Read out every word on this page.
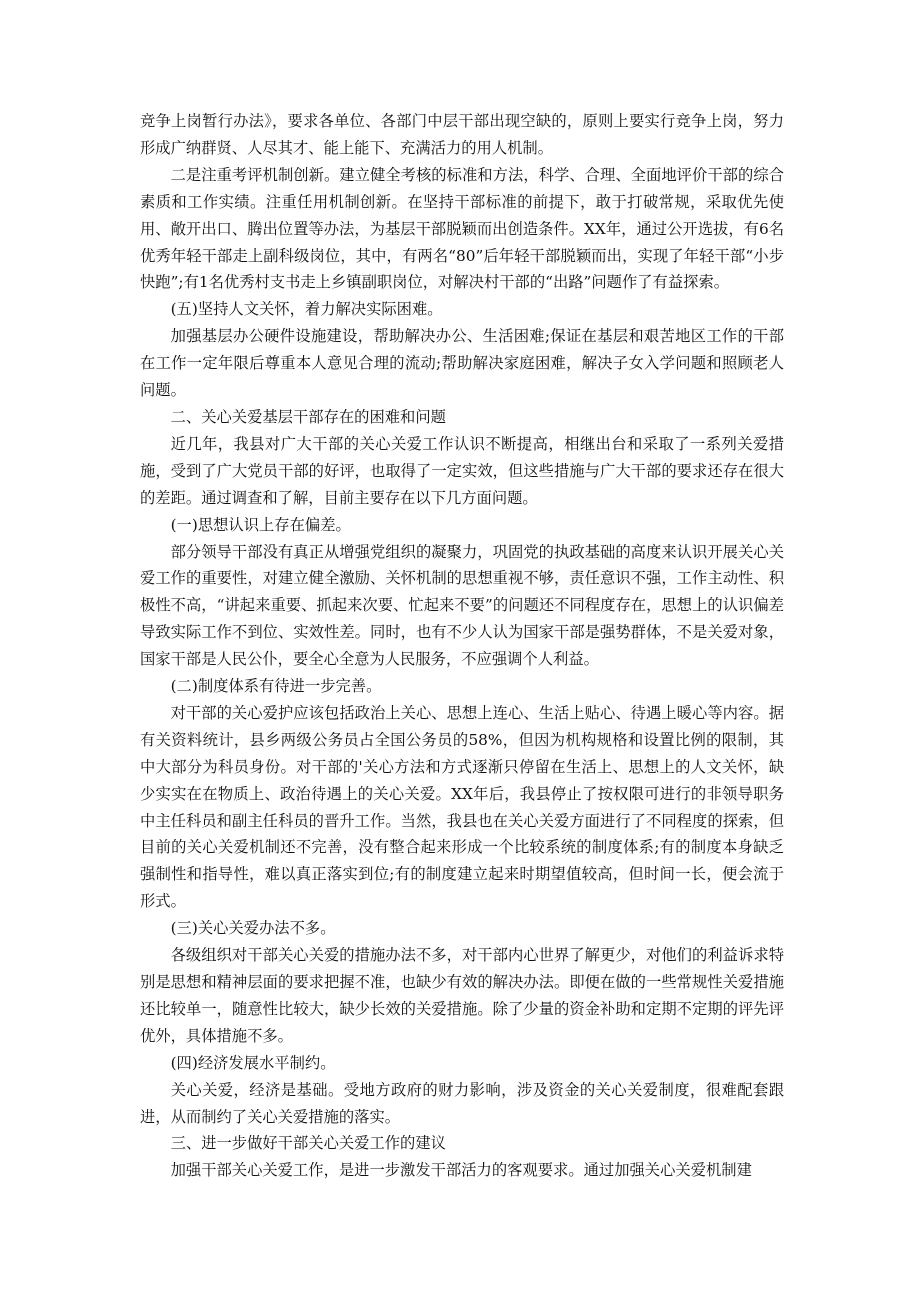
竞争上岗暂行办法》，要求各单位、各部门中层干部出现空缺的，原则上要实行竞争上岗，努力形成广纳群贤、人尽其才、能上能下、充满活力的用人机制。

二是注重考评机制创新。建立健全考核的标准和方法，科学、合理、全面地评价干部的综合素质和工作实绩。注重任用机制创新。在坚持干部标准的前提下，敢于打破常规，采取优先使用、敞开出口、腾出位置等办法，为基层干部脱颖而出创造条件。XX年，通过公开选拔，有6名优秀年轻干部走上副科级岗位，其中，有两名“80”后年轻干部脱颖而出，实现了年轻干部“小步快跑”;有1名优秀村支书走上乡镇副职岗位，对解决村干部的“出路”问题作了有益探索。

(五)坚持人文关怀，着力解决实际困难。

加强基层办公硬件设施建设，帮助解决办公、生活困难;保证在基层和艰苦地区工作的干部在工作一定年限后尊重本人意见合理的流动;帮助解决家庭困难，解决子女入学问题和照顾老人问题。

二、关心关爱基层干部存在的困难和问题

近几年，我县对广大干部的关心关爱工作认识不断提高，相继出台和采取了一系列关爱措施，受到了广大党员干部的好评，也取得了一定实效，但这些措施与广大干部的要求还存在很大的差距。通过调查和了解，目前主要存在以下几方面问题。

(一)思想认识上存在偏差。

部分领导干部没有真正从增强党组织的凝聚力，巩固党的执政基础的高度来认识开展关心关爱工作的重要性，对建立健全激励、关怀机制的思想重视不够，责任意识不强，工作主动性、积极性不高，“讲起来重要、抓起来次要、忙起来不要”的问题还不同程度存在，思想上的认识偏差导致实际工作不到位、实效性差。同时，也有不少人认为国家干部是强势群体，不是关爱对象，国家干部是人民公仆，要全心全意为人民服务，不应强调个人利益。

(二)制度体系有待进一步完善。

对干部的关心爱护应该包括政治上关心、思想上连心、生活上贴心、待遇上暖心等内容。据有关资料统计，县乡两级公务员占全国公务员的58%，但因为机构规格和设置比例的限制，其中大部分为科员身份。对干部的'关心方法和方式逐渐只停留在生活上、思想上的人文关怀，缺少实实在在物质上、政治待遇上的关心关爱。XX年后，我县停止了按权限可进行的非领导职务中主任科员和副主任科员的晋升工作。当然，我县也在关心关爱方面进行了不同程度的探索，但目前的关心关爱机制还不完善，没有整合起来形成一个比较系统的制度体系;有的制度本身缺乏强制性和指导性，难以真正落实到位;有的制度建立起来时期望值较高，但时间一长，便会流于形式。

(三)关心关爱办法不多。

各级组织对干部关心关爱的措施办法不多，对干部内心世界了解更少，对他们的利益诉求特别是思想和精神层面的要求把握不准，也缺少有效的解决办法。即便在做的一些常规性关爱措施还比较单一，随意性比较大，缺少长效的关爱措施。除了少量的资金补助和定期不定期的评先评优外，具体措施不多。

(四)经济发展水平制约。

关心关爱，经济是基础。受地方政府的财力影响，涉及资金的关心关爱制度，很难配套跟进，从而制约了关心关爱措施的落实。

三、进一步做好干部关心关爱工作的建议

加强干部关心关爱工作，是进一步激发干部活力的客观要求。通过加强关心关爱机制建
